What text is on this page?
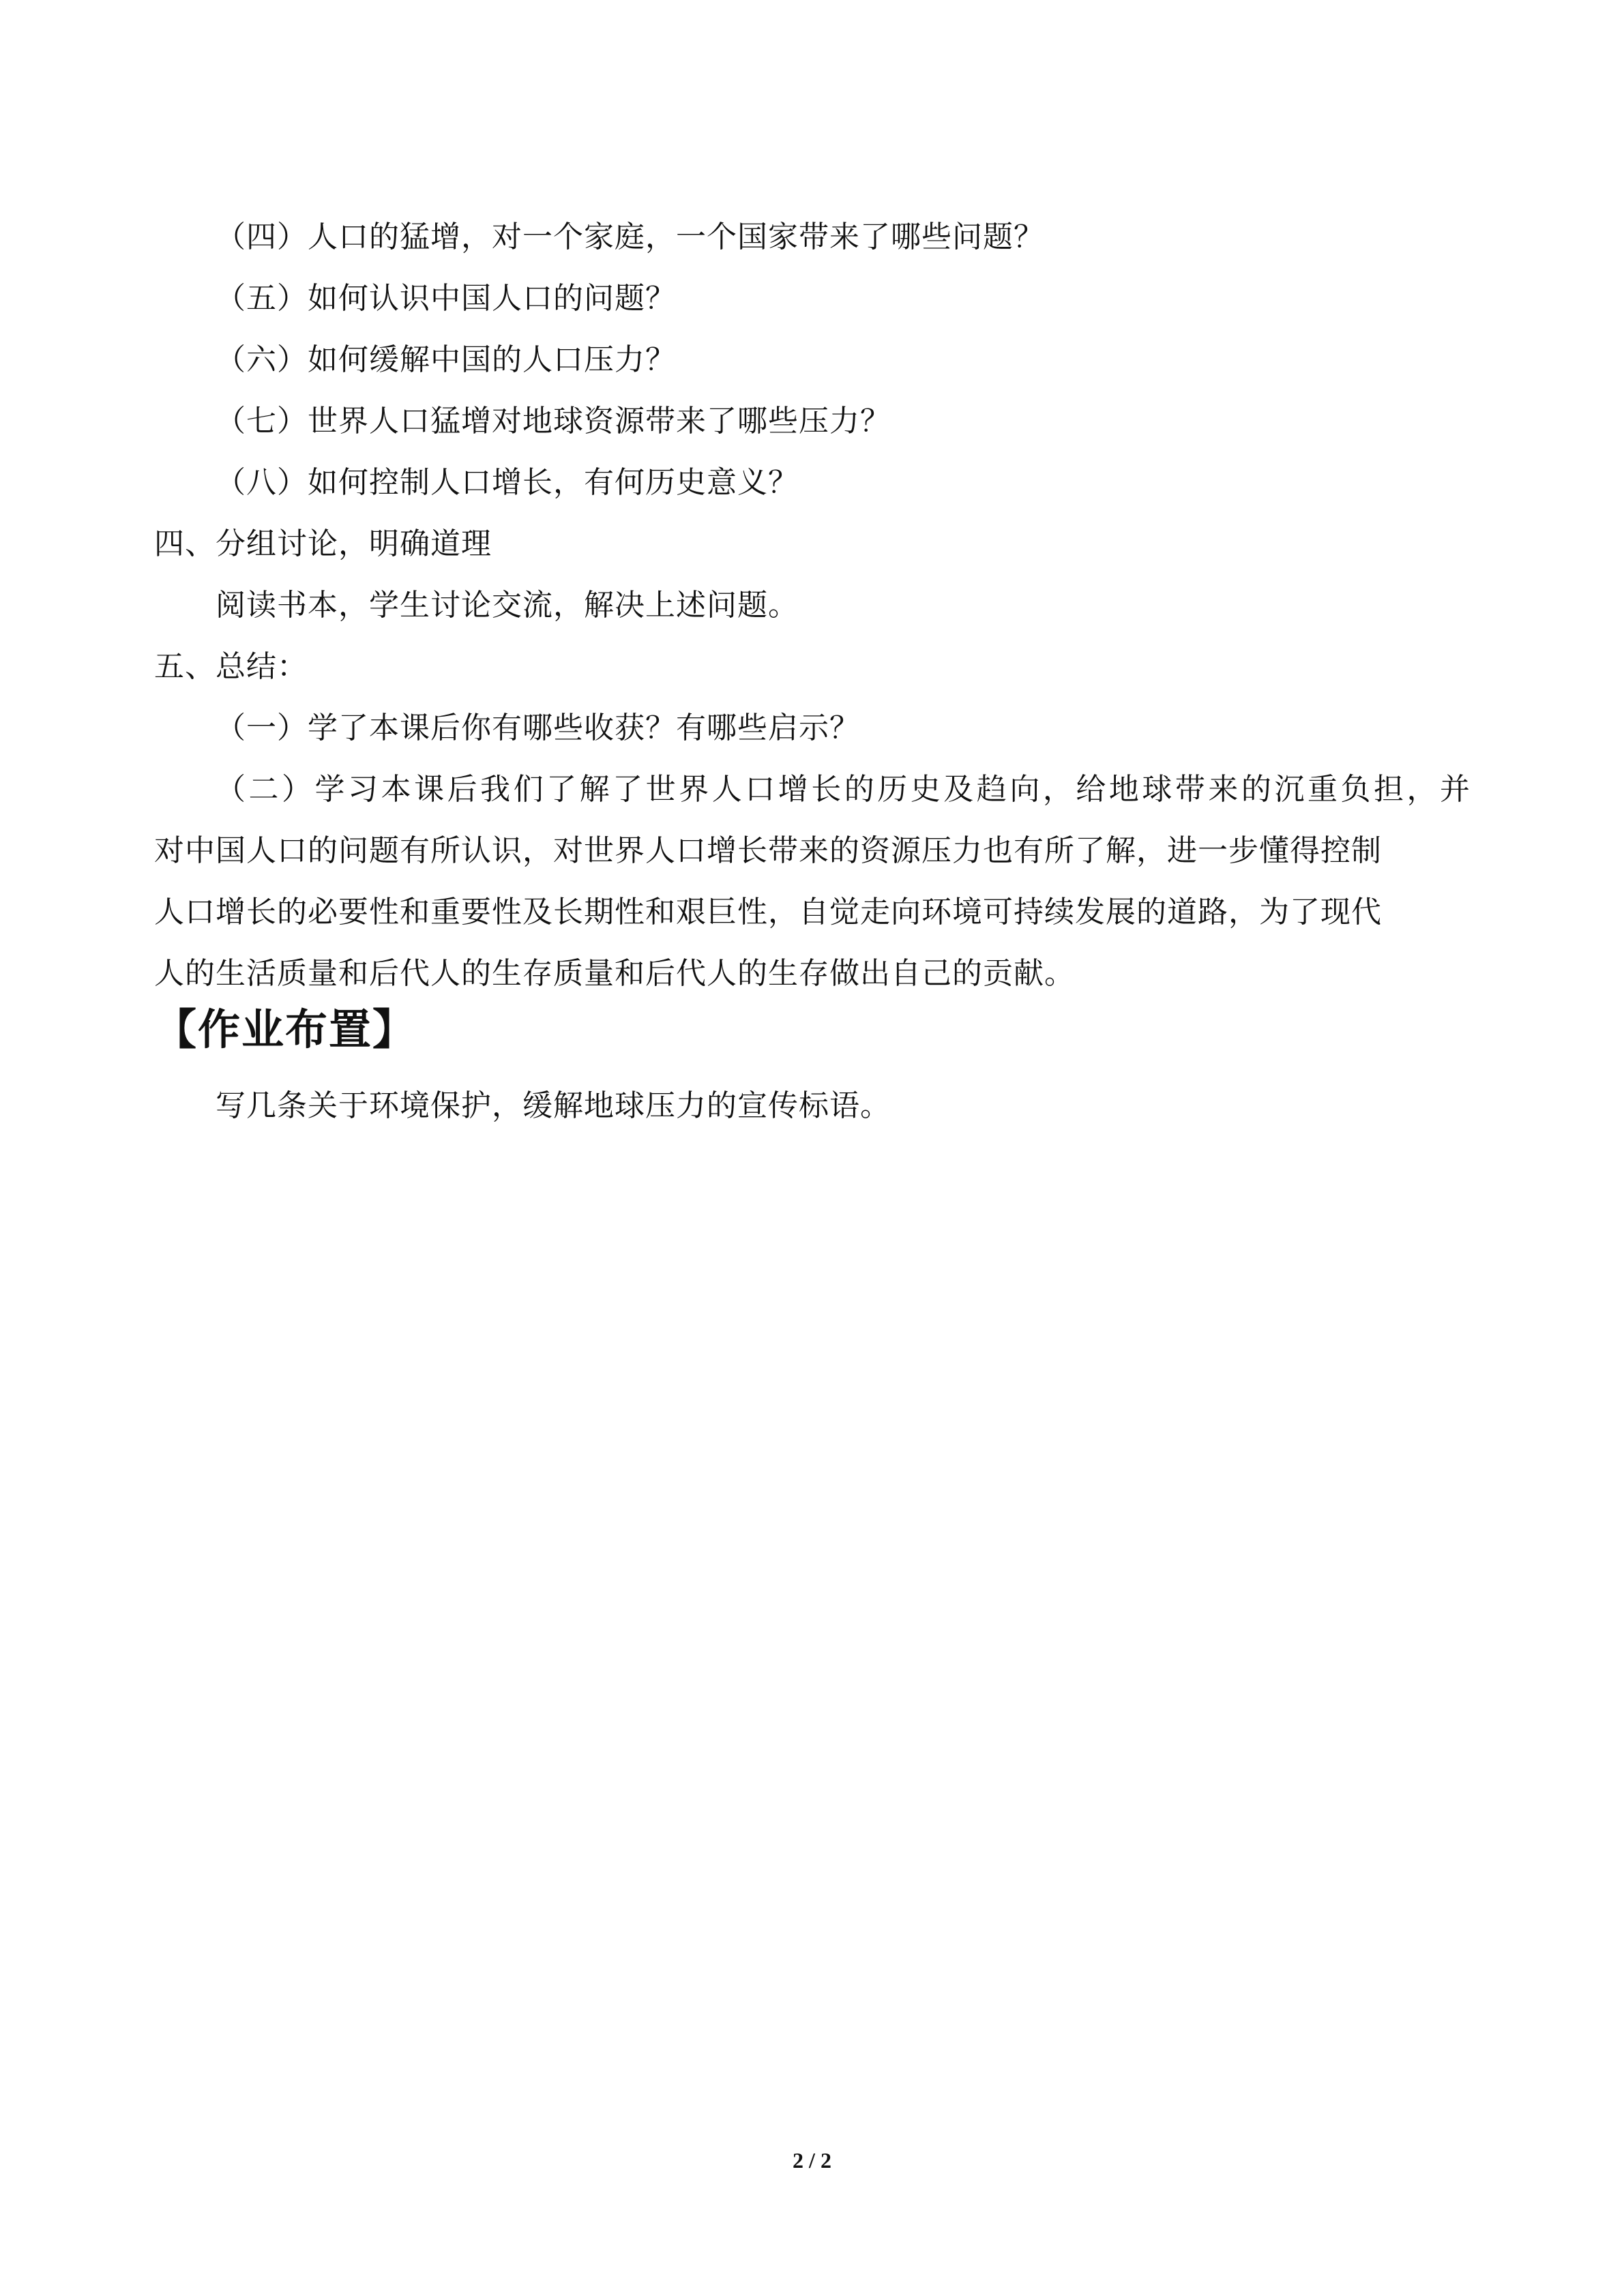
（四）人口的猛增，对一个家庭，一个国家带来了哪些问题？
（五）如何认识中国人口的问题？
（六）如何缓解中国的人口压力？
（七）世界人口猛增对地球资源带来了哪些压力？
（八）如何控制人口增长，有何历史意义？
四、分组讨论，明确道理
阅读书本，学生讨论交流，解决上述问题。
五、总结：
（一）学了本课后你有哪些收获？有哪些启示？
（二）学习本课后我们了解了世界人口增长的历史及趋向，给地球带来的沉重负担，并
对中国人口的问题有所认识，对世界人口增长带来的资源压力也有所了解，进一步懂得控制
人口增长的必要性和重要性及长期性和艰巨性，自觉走向环境可持续发展的道路，为了现代
人的生活质量和后代人的生存质量和后代人的生存做出自己的贡献。
【作业布置】
写几条关于环境保护，缓解地球压力的宣传标语。
2 / 2
